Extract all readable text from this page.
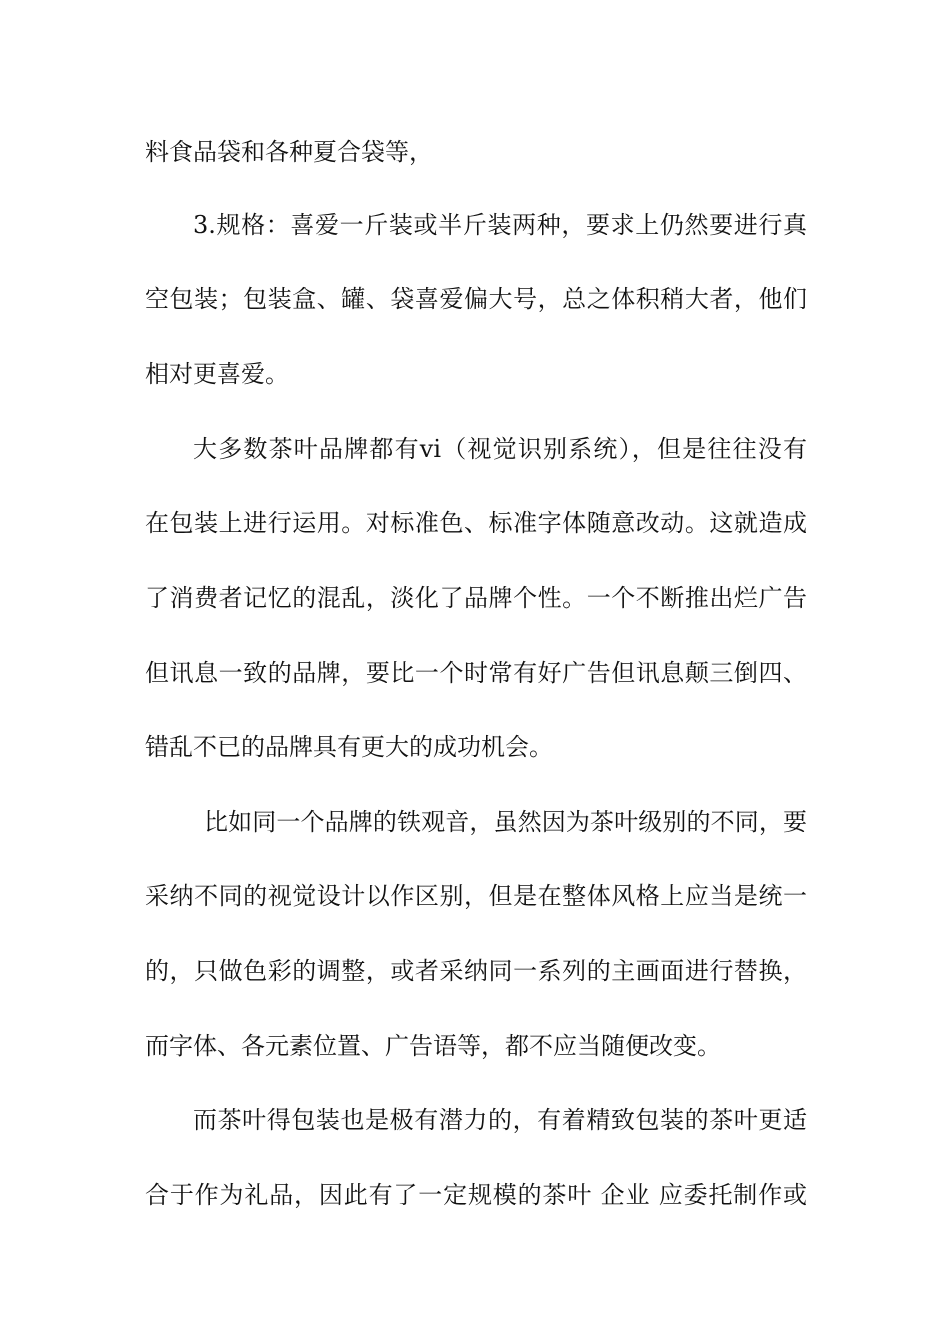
料食品袋和各种夏合袋等，
3.规格：喜爱一斤装或半斤装两种，要求上仍然要进行真
空包装；包装盒、罐、袋喜爱偏大号，总之体积稍大者，他们
相对更喜爱。
大多数茶叶品牌都有vi（视觉识别系统），但是往往没有
在包装上进行运用。对标准色、标准字体随意改动。这就造成
了消费者记忆的混乱，淡化了品牌个性。一个不断推出烂广告
但讯息一致的品牌，要比一个时常有好广告但讯息颠三倒四、
错乱不已的品牌具有更大的成功机会。
比如同一个品牌的铁观音，虽然因为茶叶级别的不同，要
采纳不同的视觉设计以作区别，但是在整体风格上应当是统一
的，只做色彩的调整，或者采纳同一系列的主画面进行替换，
而字体、各元素位置、广告语等，都不应当随便改变。
而茶叶得包装也是极有潜力的，有着精致包装的茶叶更适
合于作为礼品，因此有了一定规模的茶叶 企业 应委托制作或
